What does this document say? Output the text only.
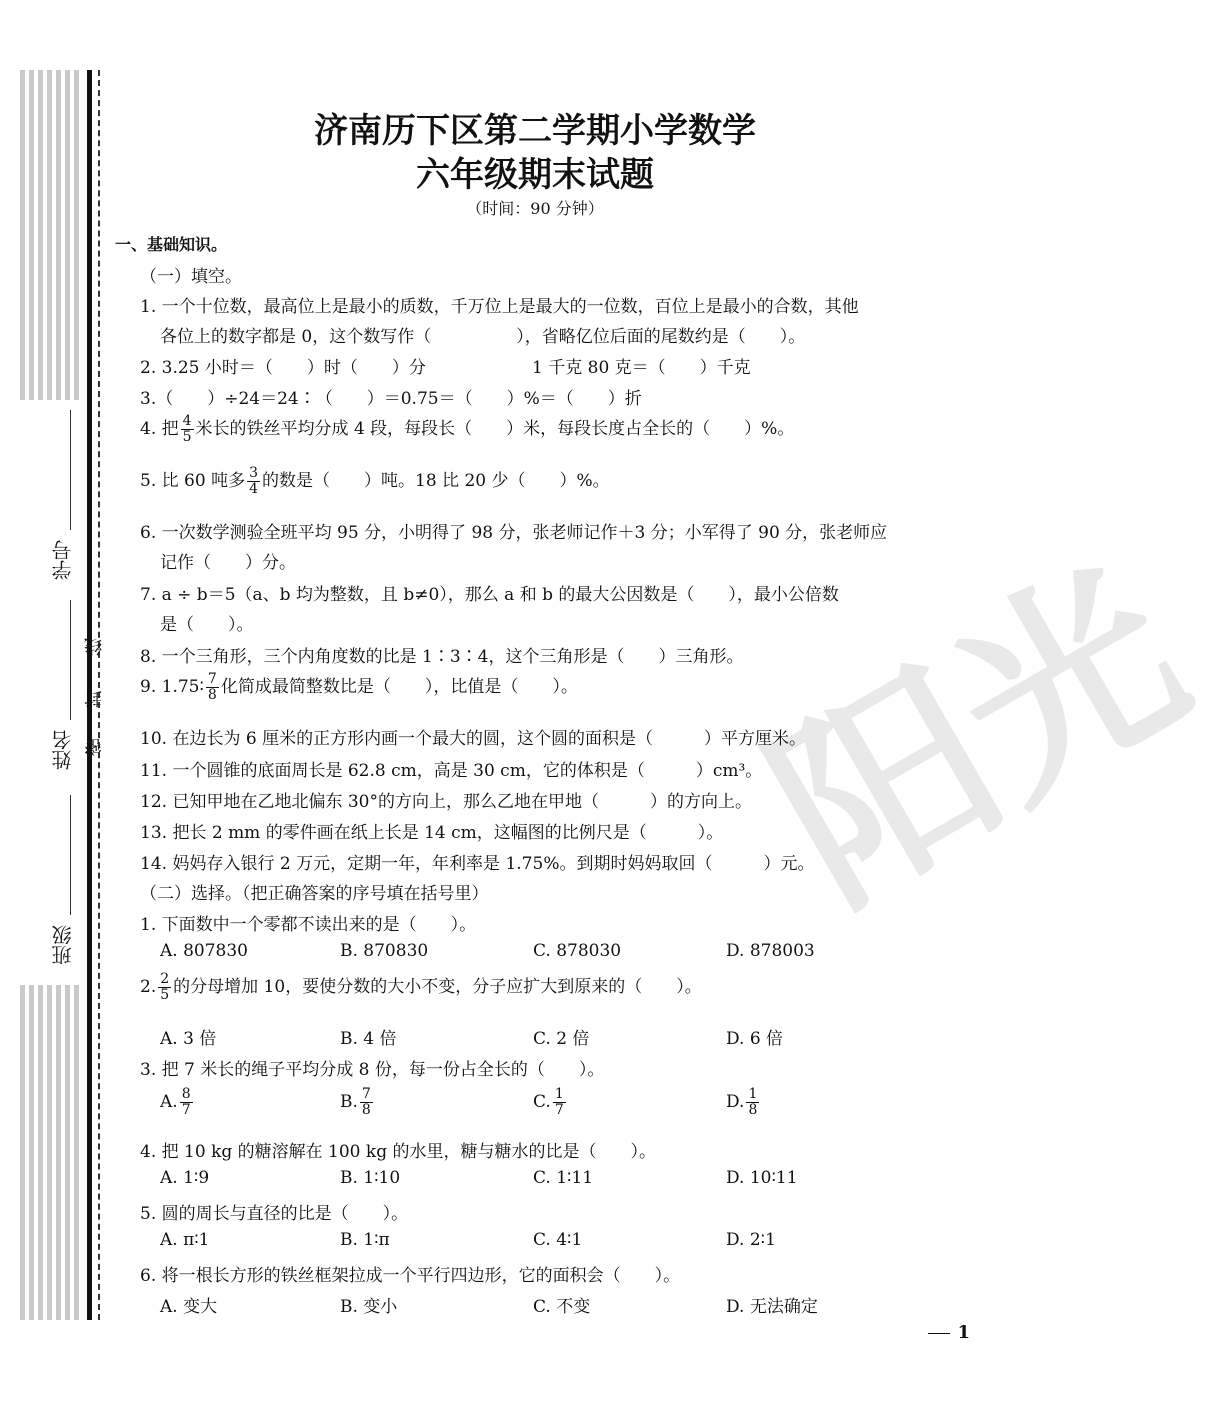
学号
线
封
密
姓名
班级	阳光
济南历下区第二学期小学数学
六年级期末试题
（时间：90 分钟）
一、基础知识。
（一）填空。
1. 一个十位数，最高位上是最小的质数，千万位上是最大的一位数，百位上是最小的合数，其他
各位上的数字都是 0，这个数写作（　　　　　），省略亿位后面的尾数约是（　　）。
2. 3.25 小时＝（　　）时（　　）分	1 千克 80 克＝（　　）千克
3.（　　）÷24＝24∶（　　）＝0.75＝（　　）%＝（　　）折
4. 把 $\frac{4}{5}$ 米长的铁丝平均分成 4 段，每段长（　　）米，每段长度占全长的（　　）%。
5. 比 60 吨多 $\frac{3}{4}$ 的数是（　　）吨。18 比 20 少（　　）%。
6. 一次数学测验全班平均 95 分，小明得了 98 分，张老师记作＋3 分；小军得了 90 分，张老师应
记作（　　）分。
7. a ÷ b＝5（a、b 均为整数，且 b≠0），那么 a 和 b 的最大公因数是（　　），最小公倍数
是（　　）。
8. 一个三角形，三个内角度数的比是 1∶3∶4，这个三角形是（　　）三角形。
9. 1.75∶ $\frac{7}{8}$ 化简成最简整数比是（　　），比值是（　　）。
10. 在边长为 6 厘米的正方形内画一个最大的圆，这个圆的面积是（　　　）平方厘米。
11. 一个圆锥的底面周长是 62.8 cm，高是 30 cm，它的体积是（　　　）cm³。
12. 已知甲地在乙地北偏东 30°的方向上，那么乙地在甲地（　　　）的方向上。
13. 把长 2 mm 的零件画在纸上长是 14 cm，这幅图的比例尺是（　　　）。
14. 妈妈存入银行 2 万元，定期一年，年利率是 1.75%。到期时妈妈取回（　　　）元。
（二）选择。（把正确答案的序号填在括号里）
1. 下面数中一个零都不读出来的是（　　）。
A. 807830	B. 870830	C. 878030	D. 878003
2. $\frac{2}{5}$ 的分母增加 10，要使分数的大小不变，分子应扩大到原来的（　　）。
A. 3 倍	B. 4 倍	C. 2 倍	D. 6 倍
3. 把 7 米长的绳子平均分成 8 份，每一份占全长的（　　）。
A. $\frac{8}{7}$	B. $\frac{7}{8}$	C. $\frac{1}{7}$	D. $\frac{1}{8}$
4. 把 10 kg 的糖溶解在 100 kg 的水里，糖与糖水的比是（　　）。
A. 1∶9	B. 1∶10	C. 1∶11	D. 10∶11
5. 圆的周长与直径的比是（　　）。
A. π∶1	B. 1∶π	C. 4∶1	D. 2∶1
6. 将一根长方形的铁丝框架拉成一个平行四边形，它的面积会（　　）。
A. 变大	B. 变小	C. 不变	D. 无法确定
1
